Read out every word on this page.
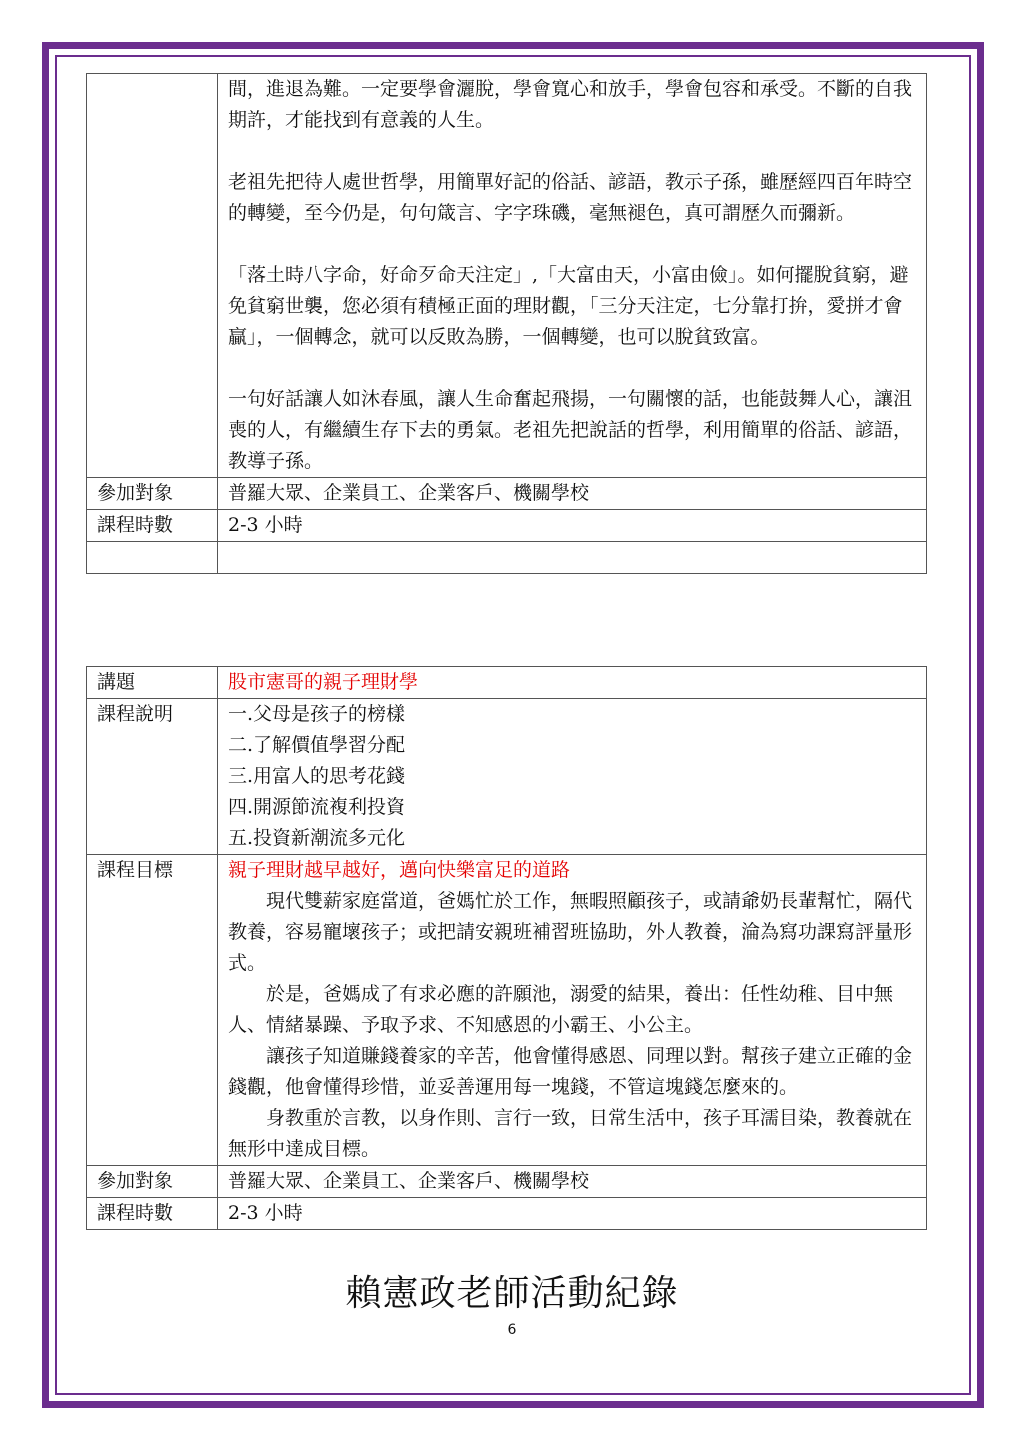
	間，進退為難。一定要學會灑脫，學會寬心和放手，學會包容和承受。不斷的自我期許，才能找到有意義的人生。

老祖先把待人處世哲學，用簡單好記的俗話、諺語，教示子孫，雖歷經四百年時空的轉變，至今仍是，句句箴言、字字珠磯，毫無褪色，真可謂歷久而彌新。

「落土時八字命，好命歹命天注定」,「大富由天，小富由儉」。如何擺脫貧窮，避免貧窮世襲，您必須有積極正面的理財觀，「三分天注定，七分靠打拚，愛拼才會贏」，一個轉念，就可以反敗為勝，一個轉變，也可以脫貧致富。

一句好話讓人如沐春風，讓人生命奮起飛揚，一句關懷的話，也能鼓舞人心，讓沮喪的人，有繼續生存下去的勇氣。老祖先把說話的哲學，利用簡單的俗話、諺語，教導子孫。

參加對象	普羅大眾、企業員工、企業客戶、機關學校
課程時數	2-3 小時

講題	股市憲哥的親子理財學
課程說明	一.父母是孩子的榜樣
二.了解價值學習分配
三.用富人的思考花錢
四.開源節流複利投資
五.投資新潮流多元化

課程目標	親子理財越早越好，邁向快樂富足的道路

現代雙薪家庭當道，爸媽忙於工作，無暇照顧孩子，或請爺奶長輩幫忙，隔代教養，容易寵壞孩子；或把請安親班補習班協助，外人教養，淪為寫功課寫評量形式。

於是，爸媽成了有求必應的許願池，溺愛的結果，養出：任性幼稚、目中無人、情緒暴躁、予取予求、不知感恩的小霸王、小公主。

讓孩子知道賺錢養家的辛苦，他會懂得感恩、同理以對。幫孩子建立正確的金錢觀，他會懂得珍惜，並妥善運用每一塊錢，不管這塊錢怎麼來的。

身教重於言教，以身作則、言行一致，日常生活中，孩子耳濡目染，教養就在無形中達成目標。

參加對象	普羅大眾、企業員工、企業客戶、機關學校
課程時數	2-3 小時
賴憲政老師活動紀錄
6
